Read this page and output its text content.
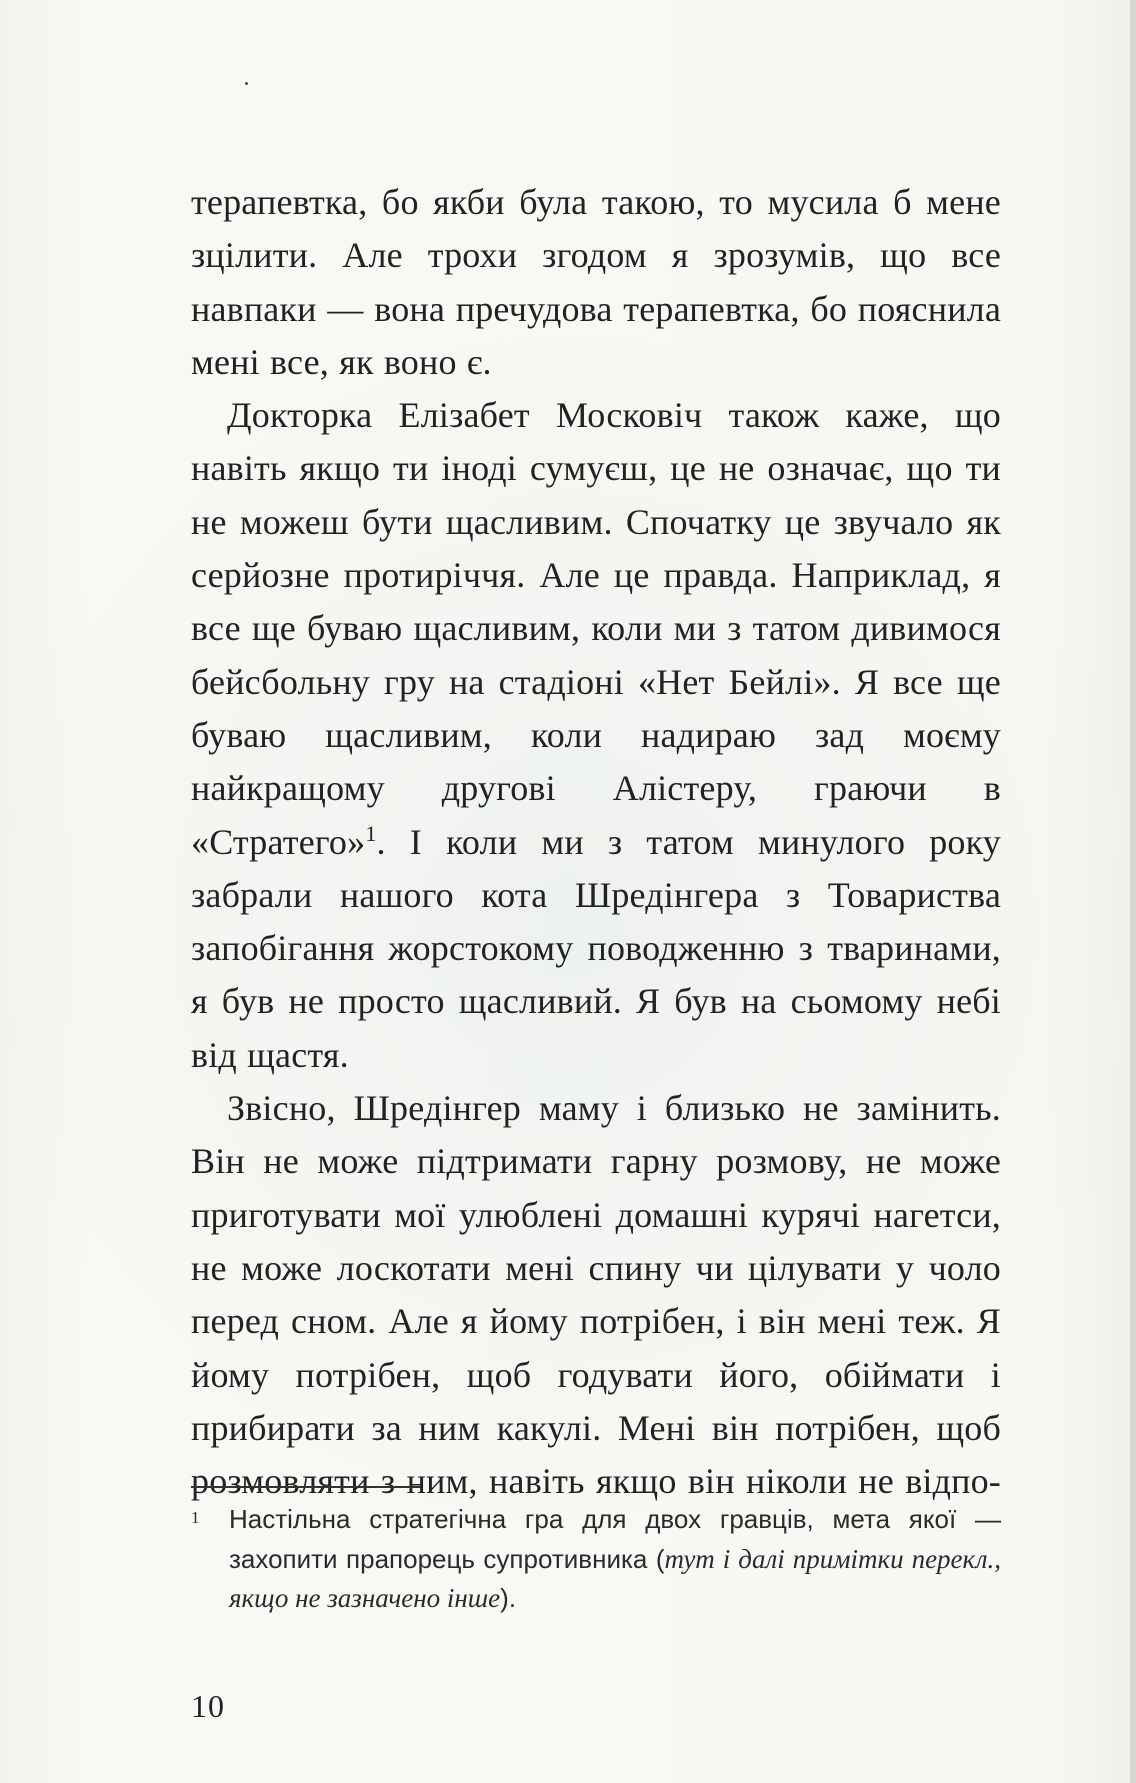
терапевтка, бо якби була такою, то мусила б мене зцілити. Але трохи згодом я зрозумів, що все навпаки — вона пречудова терапевтка, бо пояснила мені все, як воно є.

Докторка Елізабет Московіч також каже, що навіть якщо ти іноді сумуєш, це не означає, що ти не можеш бути щасливим. Спочатку це звучало як серйозне протиріччя. Але це правда. Наприклад, я все ще буваю щасливим, коли ми з татом дивимося бейсбольну гру на стадіоні «Нет Бейлі». Я все ще буваю щасливим, коли надираю зад моєму найкращому другові Алістеру, граючи в «Стратего»$^1$. І коли ми з татом минулого року забрали нашого кота Шредінгера з Товариства запобігання жорстокому поводженню з тваринами, я був не просто щасливий. Я був на сьомому небі від щастя.

Звісно, Шредінгер маму і близько не замінить. Він не може підтримати гарну розмову, не може приготувати мої улюблені домашні курячі нагетси, не може лоскотати мені спину чи цілувати у чоло перед сном. Але я йому потрібен, і він мені теж. Я йому потрібен, щоб годувати його, обіймати і прибирати за ним какулі. Мені він потрібен, щоб розмовляти з ним, навіть якщо він ніколи не відпо-

1 Настільна стратегічна гра для двох гравців, мета якої — захопити прапорець супротивника (тут і далі примітки перекл., якщо не зазначено інше).
10
